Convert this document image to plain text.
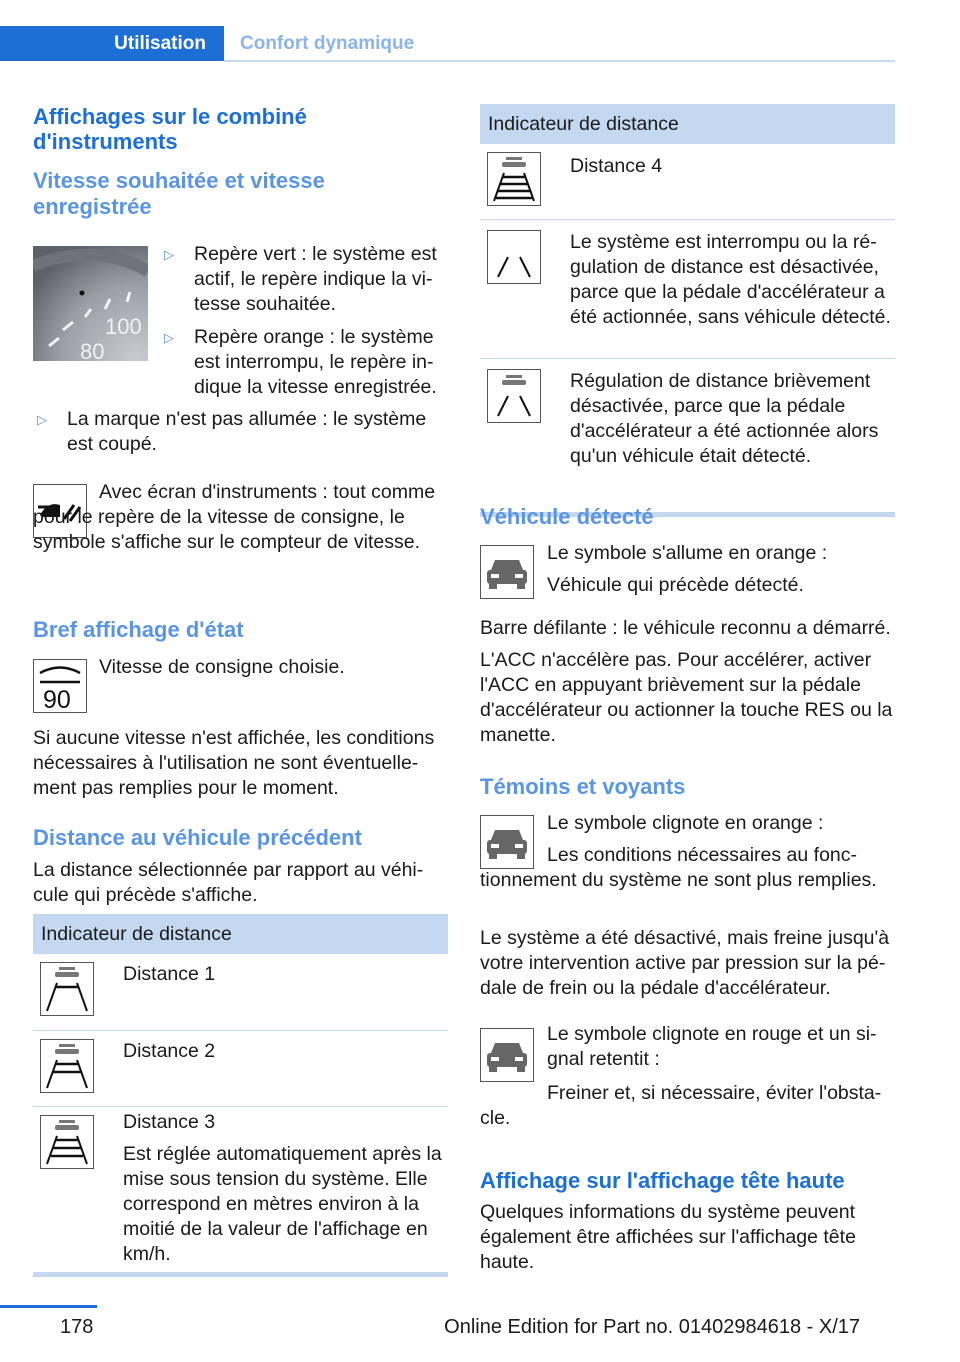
Utilisation Confort dynamique
Affichages sur le combiné d'instruments
Vitesse souhaitée et vitesse enregistrée
100
80
▷ Repère vert : le système est actif, le repère indique la vitesse souhaitée.
▷ Repère orange : le système est interrompu, le repère indique la vitesse enregistrée.
▷ La marque n'est pas allumée : le système est coupé.
Avec écran d'instruments : tout comme pour le repère de la vitesse de consigne, le symbole s'affiche sur le compteur de vitesse.
Bref affichage d'état
90
Vitesse de consigne choisie.
Si aucune vitesse n'est affichée, les conditions nécessaires à l'utilisation ne sont éventuellement pas remplies pour le moment.
Distance au véhicule précédent
La distance sélectionnée par rapport au véhicule qui précède s'affiche.
Indicateur de distance
Distance 1
Distance 2
Distance 3
Est réglée automatiquement après la mise sous tension du système. Elle correspond en mètres environ à la moitié de la valeur de l'affichage en km/h.
Indicateur de distance
Distance 4
Le système est interrompu ou la régulation de distance est désactivée, parce que la pédale d'accélérateur a été actionnée, sans véhicule détecté.
Régulation de distance brièvement désactivée, parce que la pédale d'accélérateur a été actionnée alors qu'un véhicule était détecté.
Véhicule détecté
Le symbole s'allume en orange :
Véhicule qui précède détecté.
Barre défilante : le véhicule reconnu a démarré.
L'ACC n'accélère pas. Pour accélérer, activer l'ACC en appuyant brièvement sur la pédale d'accélérateur ou actionner la touche RES ou la manette.
Témoins et voyants
Le symbole clignote en orange :
Les conditions nécessaires au fonctionnement du système ne sont plus remplies.
Le système a été désactivé, mais freine jusqu'à votre intervention active par pression sur la pédale de frein ou la pédale d'accélérateur.
Le symbole clignote en rouge et un signal retentit :
Freiner et, si nécessaire, éviter l'obstacle.
Affichage sur l'affichage tête haute
Quelques informations du système peuvent également être affichées sur l'affichage tête haute.
178	Online Edition for Part no. 01402984618 - X/17
